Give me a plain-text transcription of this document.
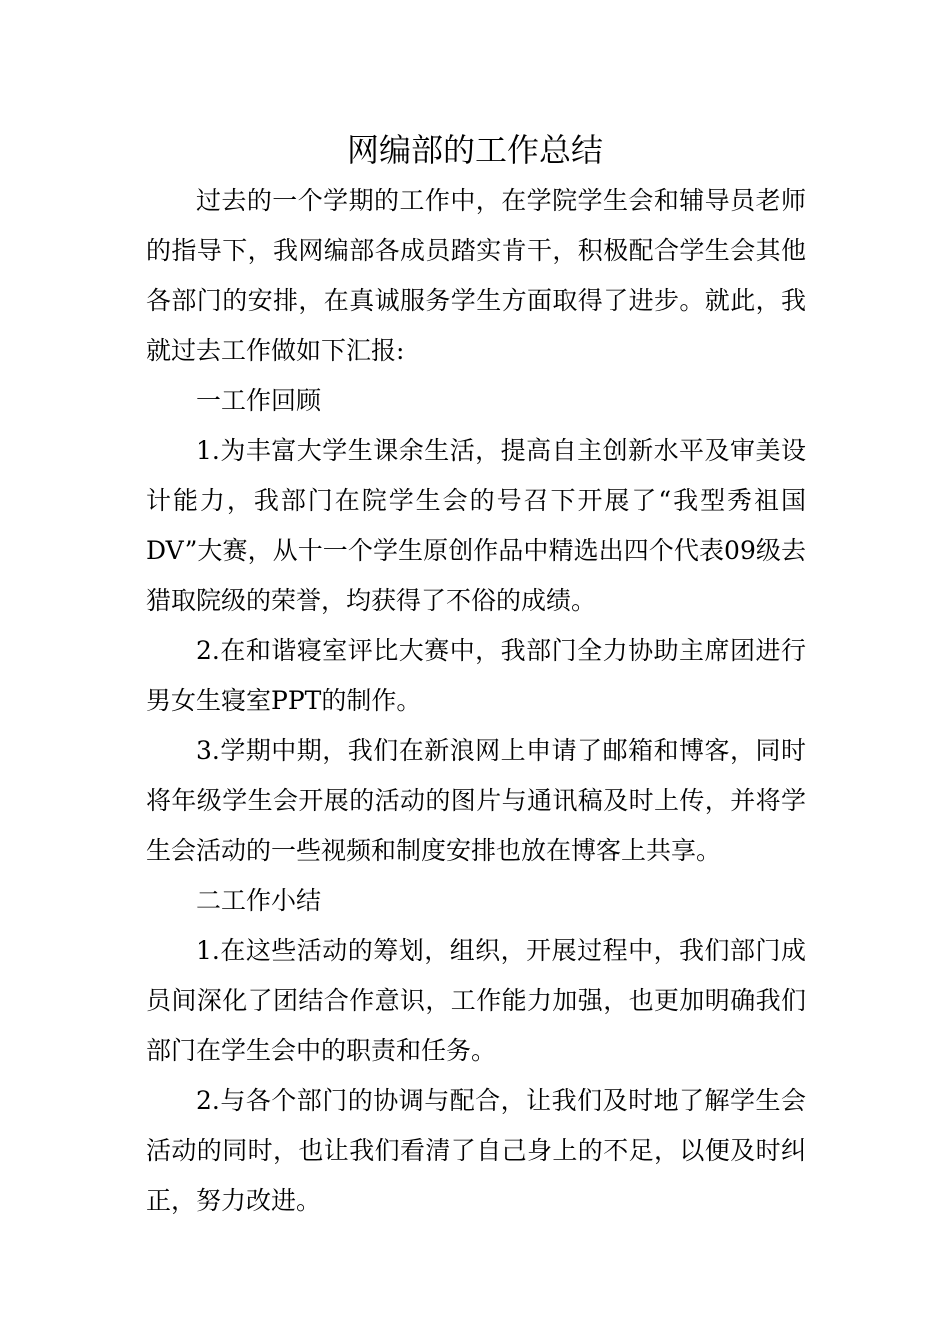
网编部的工作总结

过去的一个学期的工作中，在学院学生会和辅导员老师的指导下，我网编部各成员踏实肯干，积极配合学生会其他各部门的安排，在真诚服务学生方面取得了进步。就此，我就过去工作做如下汇报:

一工作回顾

1.为丰富大学生课余生活，提高自主创新水平及审美设计能力，我部门在院学生会的号召下开展了“我型秀祖国DV”大赛，从十一个学生原创作品中精选出四个代表09级去猎取院级的荣誉，均获得了不俗的成绩。

2.在和谐寝室评比大赛中，我部门全力协助主席团进行男女生寝室PPT的制作。

3.学期中期，我们在新浪网上申请了邮箱和博客，同时将年级学生会开展的活动的图片与通讯稿及时上传，并将学生会活动的一些视频和制度安排也放在博客上共享。

二工作小结

1.在这些活动的筹划，组织，开展过程中，我们部门成员间深化了团结合作意识，工作能力加强，也更加明确我们部门在学生会中的职责和任务。

2.与各个部门的协调与配合，让我们及时地了解学生会活动的同时，也让我们看清了自己身上的不足，以便及时纠正，努力改进。
